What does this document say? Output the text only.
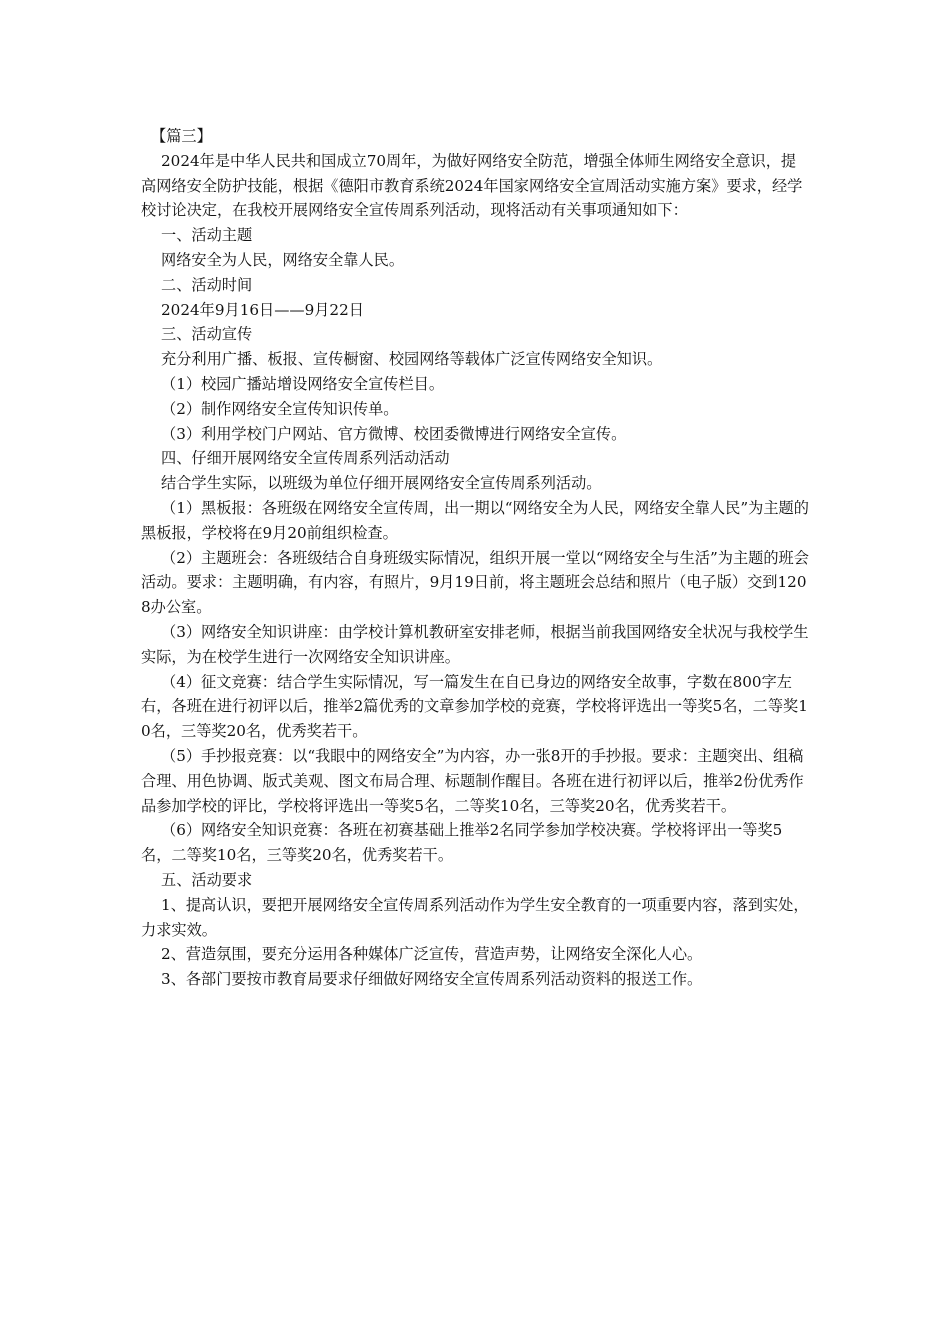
【篇三】

2024年是中华人民共和国成立70周年，为做好网络安全防范，增强全体师生网络安全意识，提高网络安全防护技能，根据《德阳市教育系统2024年国家网络安全宣周活动实施方案》要求，经学校讨论决定，在我校开展网络安全宣传周系列活动，现将活动有关事项通知如下：

一、活动主题

网络安全为人民，网络安全靠人民。

二、活动时间

2024年9月16日——9月22日

三、活动宣传

充分利用广播、板报、宣传橱窗、校园网络等载体广泛宣传网络安全知识。

（1）校园广播站增设网络安全宣传栏目。

（2）制作网络安全宣传知识传单。

（3）利用学校门户网站、官方微博、校团委微博进行网络安全宣传。

四、仔细开展网络安全宣传周系列活动活动

结合学生实际，以班级为单位仔细开展网络安全宣传周系列活动。

（1）黑板报：各班级在网络安全宣传周，出一期以“网络安全为人民，网络安全靠人民”为主题的黑板报，学校将在9月20前组织检查。

（2）主题班会：各班级结合自身班级实际情况，组织开展一堂以“网络安全与生活”为主题的班会活动。要求：主题明确，有内容，有照片，9月19日前，将主题班会总结和照片（电子版）交到1208办公室。

（3）网络安全知识讲座：由学校计算机教研室安排老师，根据当前我国网络安全状况与我校学生实际，为在校学生进行一次网络安全知识讲座。

（4）征文竞赛：结合学生实际情况，写一篇发生在自已身边的网络安全故事，字数在800字左右，各班在进行初评以后，推举2篇优秀的文章参加学校的竞赛，学校将评选出一等奖5名，二等奖10名，三等奖20名，优秀奖若干。

（5）手抄报竞赛：以“我眼中的网络安全”为内容，办一张8开的手抄报。要求：主题突出、组稿合理、用色协调、版式美观、图文布局合理、标题制作醒目。各班在进行初评以后，推举2份优秀作品参加学校的评比，学校将评选出一等奖5名，二等奖10名，三等奖20名，优秀奖若干。

（6）网络安全知识竞赛：各班在初赛基础上推举2名同学参加学校决赛。学校将评出一等奖5名，二等奖10名，三等奖20名，优秀奖若干。

五、活动要求

1、提高认识，要把开展网络安全宣传周系列活动作为学生安全教育的一项重要内容，落到实处，力求实效。

2、营造氛围，要充分运用各种媒体广泛宣传，营造声势，让网络安全深化人心。

3、各部门要按市教育局要求仔细做好网络安全宣传周系列活动资料的报送工作。
